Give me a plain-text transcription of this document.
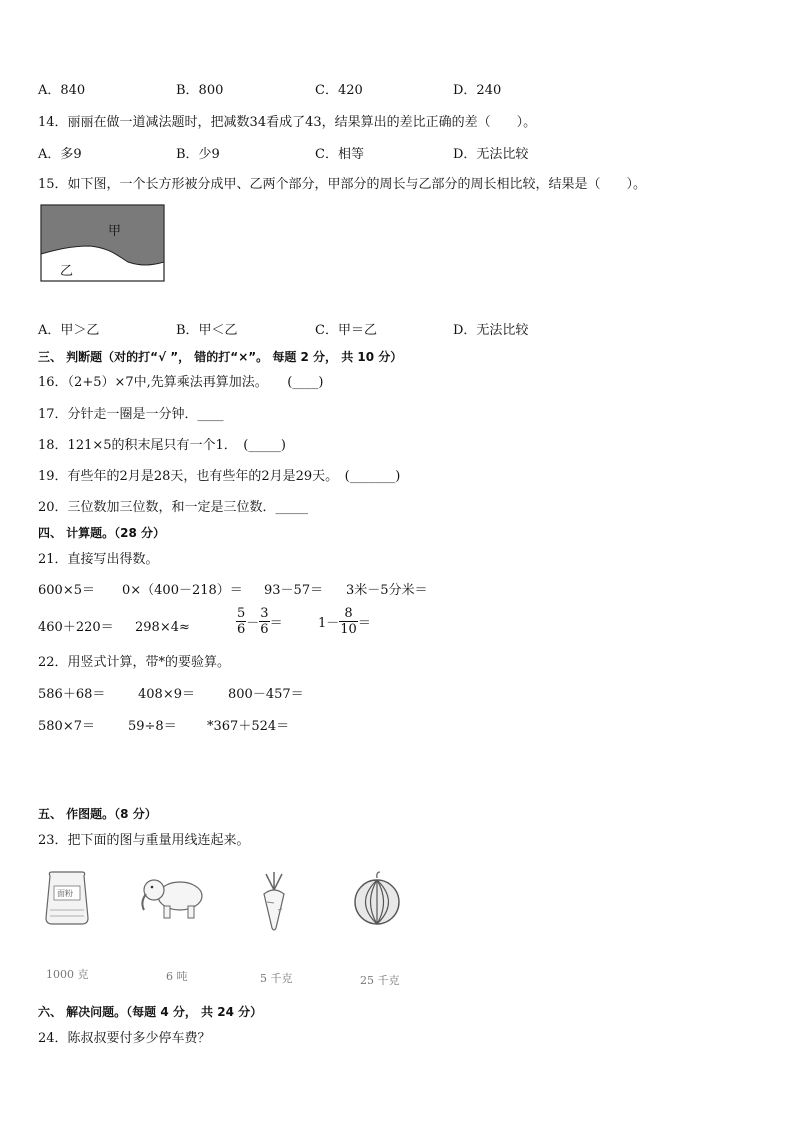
A．840	B．800	C．420	D．240
14．丽丽在做一道减法题时，把减数34看成了43，结果算出的差比正确的差（　　）。
A．多9	B．少9	C．相等	D．无法比较
15．如下图，一个长方形被分成甲、乙两个部分，甲部分的周长与乙部分的周长相比较，结果是（　　）。
甲
乙
A．甲＞乙	B．甲＜乙	C．甲＝乙	D．无法比较
三、 判断题（对的打“√ ”， 错的打“×”。 每题 2 分， 共 10 分）
16．（2+5）×7中,先算乘法再算加法。　　(____)
17．分针走一圈是一分钟．____
18．121×5的积末尾只有一个1．　(_____)
19．有些年的2月是28天，也有些年的2月是29天。　(_______)
20．三位数加三位数，和一定是三位数．_____
四、 计算题。（28 分）
21．直接写出得数。
600×5＝ 0×（400－218）＝ 93－57＝ 3米－5分米＝
460＋220＝ 298×4≈	$\frac{5}{6} - \frac{3}{6}$ ＝	$1- \frac{8}{10}$ ＝
22．用竖式计算，带*的要验算。
586＋68＝	408×9＝	800－457＝
580×7＝	59÷8＝ *367＋524＝
五、 作图题。（8 分）
23．把下面的图与重量用线连起来。
面粉
1000 克	6 吨	5 千克	25 千克
六、 解决问题。（每题 4 分， 共 24 分）
24．陈叔叔要付多少停车费？
